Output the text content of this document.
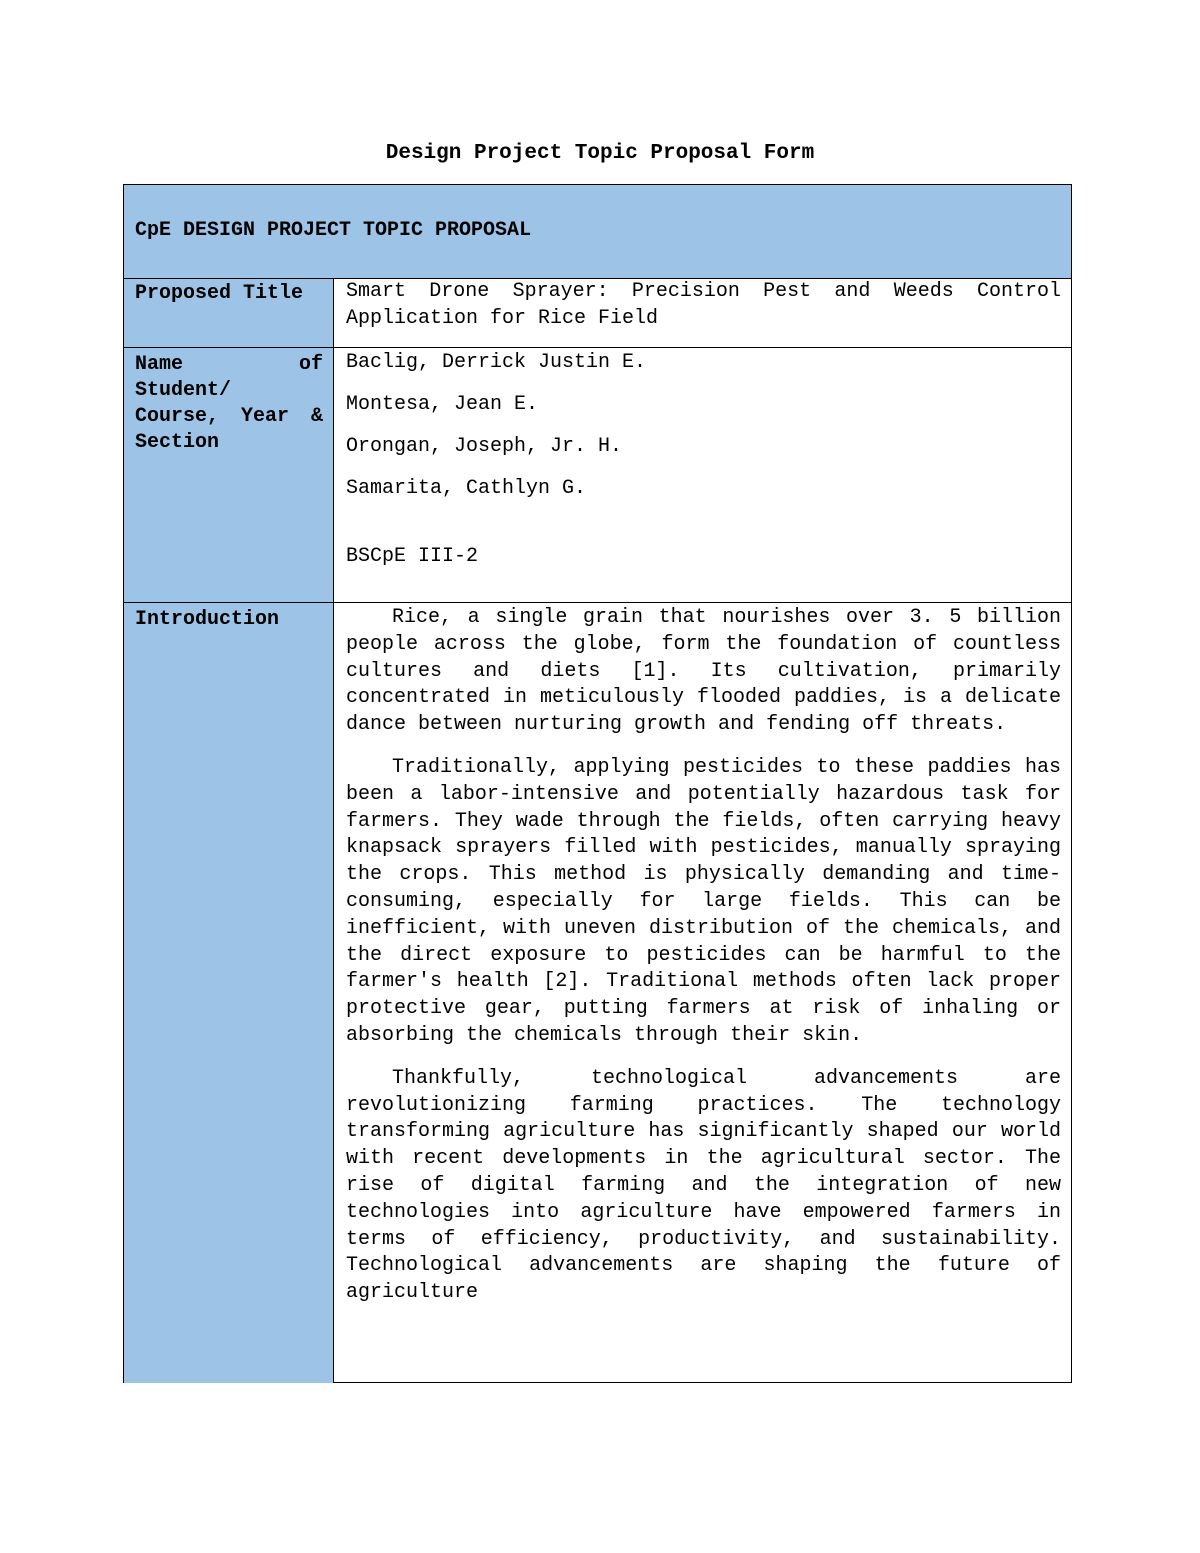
Design Project Topic Proposal Form
CpE DESIGN PROJECT TOPIC PROPOSAL
Proposed Title
Name of Student/ Course, Year & Section
Introduction
Smart Drone Sprayer: Precision Pest and Weeds Control Application for Rice Field
Baclig, Derrick Justin E.
Montesa, Jean E.
Orongan, Joseph, Jr. H.
Samarita, Cathlyn G.
BSCpE III-2

Rice, a single grain that nourishes over 3. 5 billion people across the globe, form the foundation of countless cultures and diets [1]. Its cultivation, primarily concentrated in meticulously flooded paddies, is a delicate dance between nurturing growth and fending off threats.

Traditionally, applying pesticides to these paddies has been a labor-intensive and potentially hazardous task for farmers. They wade through the fields, often carrying heavy knapsack sprayers filled with pesticides, manually spraying the crops. This method is physically demanding and time-consuming, especially for large fields. This can be inefficient, with uneven distribution of the chemicals, and the direct exposure to pesticides can be harmful to the farmer's health [2]. Traditional methods often lack proper protective gear, putting farmers at risk of inhaling or absorbing the chemicals through their skin.

Thankfully, technological advancements are revolutionizing farming practices. The technology transforming agriculture has significantly shaped our world with recent developments in the agricultural sector. The rise of digital farming and the integration of new technologies into agriculture have empowered farmers in terms of efficiency, productivity, and sustainability. Technological advancements are shaping the future of agriculture
